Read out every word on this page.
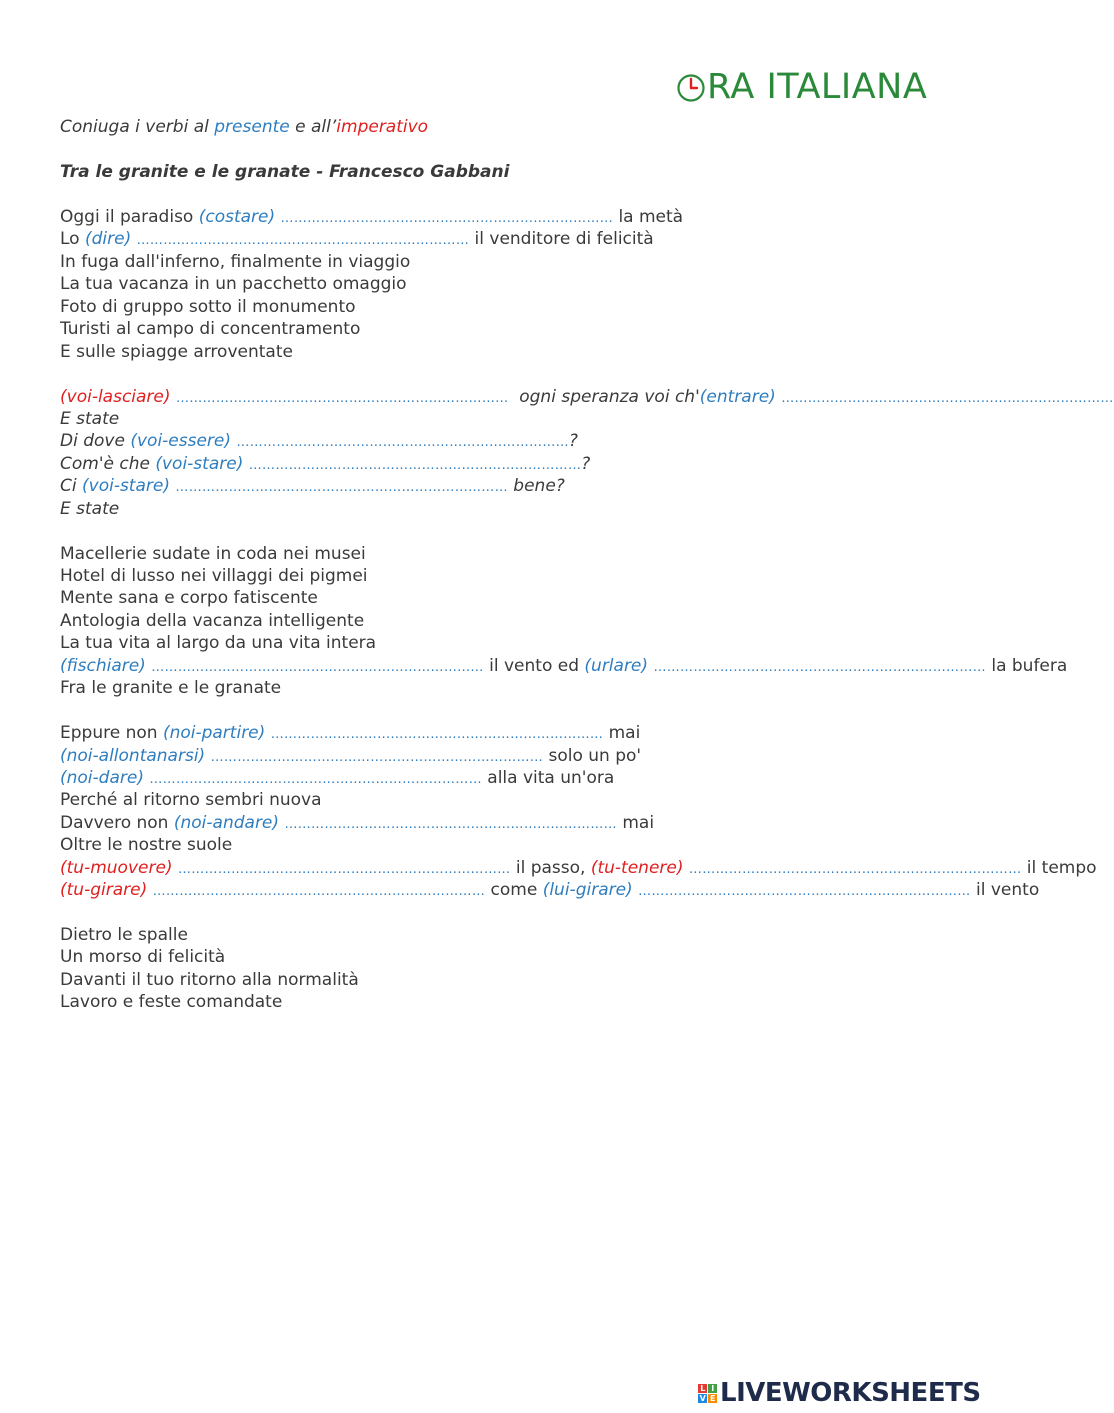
RA ITALIANA
Coniuga i verbi al presente e all’imperativo
Tra le granite e le granate - Francesco Gabbani
Oggi il paradiso (costare) ………………………………………………………………… la metà
Lo (dire) ………………………………………………………………… il venditore di felicità
In fuga dall'inferno, finalmente in viaggio
La tua vacanza in un pacchetto omaggio
Foto di gruppo sotto il monumento
Turisti al campo di concentramento
E sulle spiagge arroventate
(voi-lasciare) …………………………………………………………………  ogni speranza voi ch'(entrare) …………………………………………………………………
E state
Di dove (voi-essere) …………………………………………………………………?
Com'è che (voi-stare) …………………………………………………………………?
Ci (voi-stare) ………………………………………………………………… bene?
E state
Macellerie sudate in coda nei musei
Hotel di lusso nei villaggi dei pigmei
Mente sana e corpo fatiscente
Antologia della vacanza intelligente
La tua vita al largo da una vita intera
(fischiare) ………………………………………………………………… il vento ed (urlare) ………………………………………………………………… la bufera
Fra le granite e le granate
Eppure non (noi-partire) ………………………………………………………………… mai
(noi-allontanarsi) ………………………………………………………………… solo un po'
(noi-dare) ………………………………………………………………… alla vita un'ora
Perché al ritorno sembri nuova
Davvero non (noi-andare) ………………………………………………………………… mai
Oltre le nostre suole
(tu-muovere) ………………………………………………………………… il passo, (tu-tenere) ………………………………………………………………… il tempo
(tu-girare) ………………………………………………………………… come (lui-girare) ………………………………………………………………… il vento
Dietro le spalle
Un morso di felicità
Davanti il tuo ritorno alla normalità
Lavoro e feste comandate
L I
V E LIVEWORKSHEETS
